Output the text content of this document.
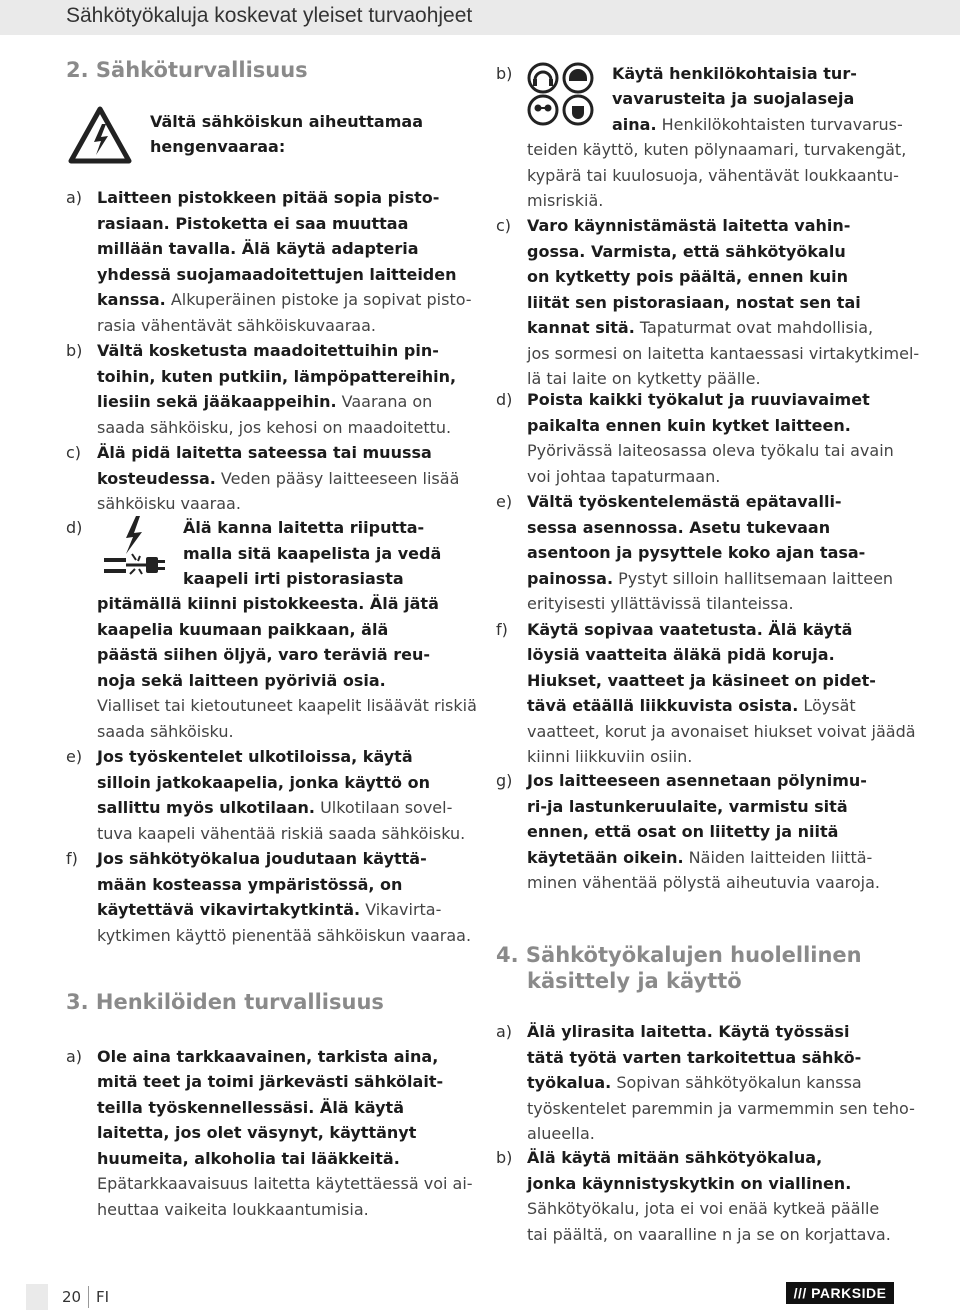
Sähkötyökaluja koskevat yleiset turvaohjeet
2. Sähköturvallisuus
Vältä sähköiskun aiheuttamaa
hengenvaaraa:
a) Laitteen pistokkeen pitää sopia pisto-
rasiaan. Pistoketta ei saa muuttaa
millään tavalla. Älä käytä adapteria
yhdessä suojamaadoitettujen laitteiden
kanssa. Alkuperäinen pistoke ja sopivat pisto-
rasia vähentävät sähköiskuvaaraa.
b) Vältä kosketusta maadoitettuihin pin-
toihin, kuten putkiin, lämpöpattereihin,
liesiin sekä jääkaappeihin. Vaarana on
saada sähköisku, jos kehosi on maadoitettu.
c) Älä pidä laitetta sateessa tai muussa
kosteudessa. Veden pääsy laitteeseen lisää
sähköisku vaaraa.
d)	Älä kanna laitetta riiputta-
malla sitä kaapelista ja vedä
kaapeli irti pistorasiasta
pitämällä kiinni pistokkeesta. Älä jätä
kaapelia kuumaan paikkaan, älä
päästä siihen öljyä, varo teräviä reu-
noja sekä laitteen pyöriviä osia.
Vialliset tai kietoutuneet kaapelit lisäävät riskiä
saada sähköisku.
e) Jos työskentelet ulkotiloissa, käytä
silloin jatkokaapelia, jonka käyttö on
sallittu myös ulkotilaan. Ulkotilaan sovel-
tuva kaapeli vähentää riskiä saada sähköisku.
f) Jos sähkötyökalua joudutaan käyttä-
mään kosteassa ympäristössä, on
käytettävä vikavirtakytkintä. Vikavirta-
kytkimen käyttö pienentää sähköiskun vaaraa.
3. Henkilöiden turvallisuus
a) Ole aina tarkkaavainen, tarkista aina,
mitä teet ja toimi järkevästi sähkölait-
teilla työskennellessäsi. Älä käytä
laitetta, jos olet väsynyt, käyttänyt
huumeita, alkoholia tai lääkkeitä.
Epätarkkaavaisuus laitetta käytettäessä voi ai-
heuttaa vaikeita loukkaantumisia.
b)	Käytä henkilökohtaisia tur-
vavarusteita ja suojalaseja
aina. Henkilökohtaisten turvavarus-
teiden käyttö, kuten pölynaamari, turvakengät,
kypärä tai kuulosuoja, vähentävät loukkaantu-
misriskiä.
c) Varo käynnistämästä laitetta vahin-
gossa. Varmista, että sähkötyökalu
on kytketty pois päältä, ennen kuin
liität sen pistorasiaan, nostat sen tai
kannat sitä. Tapaturmat ovat mahdollisia,
jos sormesi on laitetta kantaessasi virtakytkimel-
lä tai laite on kytketty päälle.
d) Poista kaikki työkalut ja ruuviavaimet
paikalta ennen kuin kytket laitteen.
Pyörivässä laiteosassa oleva työkalu tai avain
voi johtaa tapaturmaan.
e) Vältä työskentelemästä epätavalli-
sessa asennossa. Asetu tukevaan
asentoon ja pysyttele koko ajan tasa-
painossa. Pystyt silloin hallitsemaan laitteen
erityisesti yllättävissä tilanteissa.
f) Käytä sopivaa vaatetusta. Älä käytä
löysiä vaatteita äläkä pidä koruja.
Hiukset, vaatteet ja käsineet on pidet-
tävä etäällä liikkuvista osista. Löysät
vaatteet, korut ja avonaiset hiukset voivat jäädä
kiinni liikkuviin osiin.
g) Jos laitteeseen asennetaan pölynimu-
ri-ja lastunkeruulaite, varmistu sitä
ennen, että osat on liitetty ja niitä
käytetään oikein. Näiden laitteiden liittä-
minen vähentää pölystä aiheutuvia vaaroja.
4. Sähkötyökalujen huolellinen
käsittely ja käyttö
a) Älä ylirasita laitetta. Käytä työssäsi
tätä työtä varten tarkoitettua sähkö-
työkalua. Sopivan sähkötyökalun kanssa
työskentelet paremmin ja varmemmin sen teho-
alueella.
b) Älä käytä mitään sähkötyökalua,
jonka käynnistyskytkin on viallinen.
Sähkötyökalu, jota ei voi enää kytkeä päälle
tai päältä, on vaaralline n ja se on korjattava.
20 FI	/// PARKSIDE
